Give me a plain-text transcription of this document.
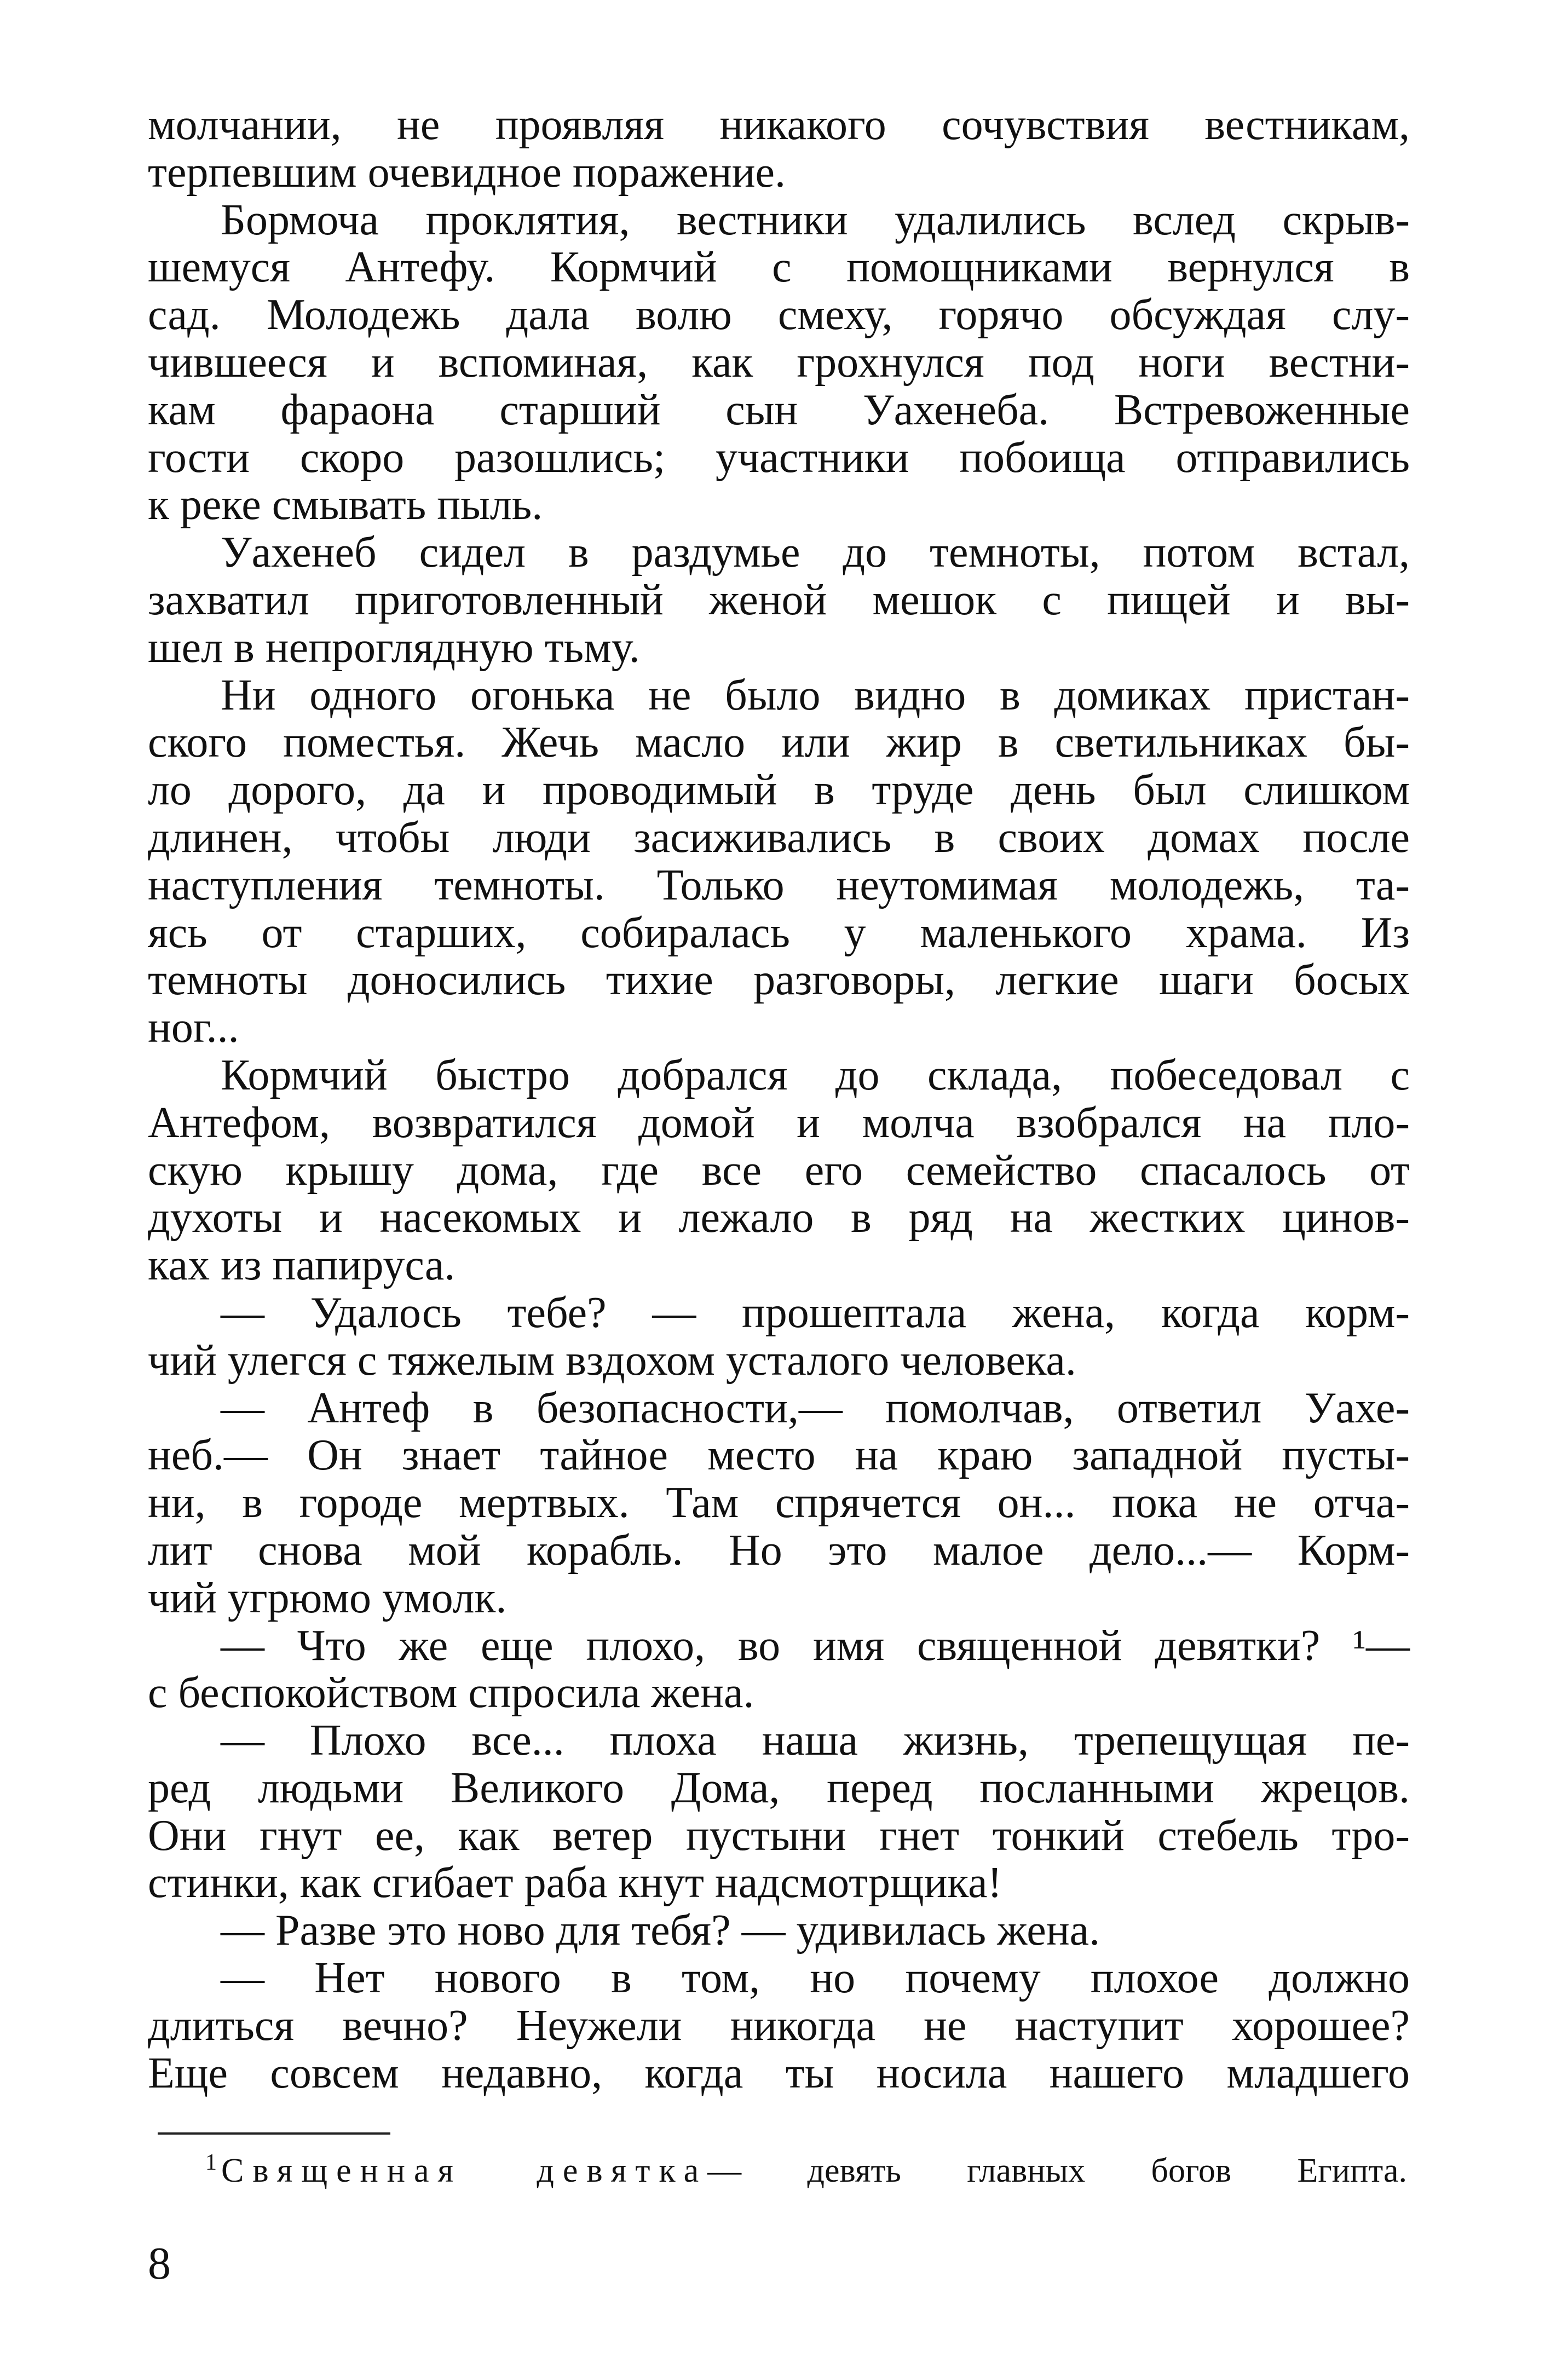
молчании, не проявляя никакого сочувствия вестникам,
терпевшим очевидное поражение.
Бормоча проклятия, вестники удалились вслед скрыв-
шемуся Антефу. Кормчий с помощниками вернулся в
сад. Молодежь дала волю смеху, горячо обсуждая слу-
чившееся и вспоминая, как грохнулся под ноги вестни-
кам фараона старший сын Уахенеба. Встревоженные
гости скоро разошлись; участники побоища отправились
к реке смывать пыль.
Уахенеб сидел в раздумье до темноты, потом встал,
захватил приготовленный женой мешок с пищей и вы-
шел в непроглядную тьму.
Ни одного огонька не было видно в домиках пристан-
ского поместья. Жечь масло или жир в светильниках бы-
ло дорого, да и проводимый в труде день был слишком
длинен, чтобы люди засиживались в своих домах после
наступления темноты. Только неутомимая молодежь, та-
ясь от старших, собиралась у маленького храма. Из
темноты доносились тихие разговоры, легкие шаги босых
ног...
Кормчий быстро добрался до склада, побеседовал с
Антефом, возвратился домой и молча взобрался на пло-
скую крышу дома, где все его семейство спасалось от
духоты и насекомых и лежало в ряд на жестких цинов-
ках из папируса.
— Удалось тебе? — прошептала жена, когда корм-
чий улегся с тяжелым вздохом усталого человека.
— Антеф в безопасности,— помолчав, ответил Уахе-
неб.— Он знает тайное место на краю западной пусты-
ни, в городе мертвых. Там спрячется он... пока не отча-
лит снова мой корабль. Но это малое дело...— Корм-
чий угрюмо умолк.
— Что же еще плохо, во имя священной девятки? ¹—
с беспокойством спросила жена.
— Плохо все... плоха наша жизнь, трепещущая пе-
ред людьми Великого Дома, перед посланными жрецов.
Они гнут ее, как ветер пустыни гнет тонкий стебель тро-
стинки, как сгибает раба кнут надсмотрщика!
— Разве это ново для тебя? — удивилась жена.
— Нет нового в том, но почему плохое должно
длиться вечно? Неужели никогда не наступит хорошее?
Еще совсем недавно, когда ты носила нашего младшего
$^1$ Священная девятка— девять главных богов Египта.
8
